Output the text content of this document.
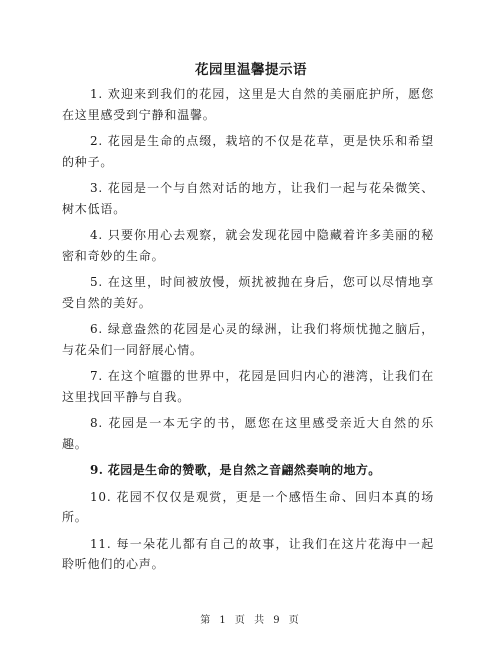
花园里温馨提示语

1. 欢迎来到我们的花园，这里是大自然的美丽庇护所，愿您在这里感受到宁静和温馨。

2. 花园是生命的点缀，栽培的不仅是花草，更是快乐和希望的种子。

3. 花园是一个与自然对话的地方，让我们一起与花朵微笑、树木低语。

4. 只要你用心去观察，就会发现花园中隐藏着许多美丽的秘密和奇妙的生命。

5. 在这里，时间被放慢，烦扰被抛在身后，您可以尽情地享受自然的美好。

6. 绿意盎然的花园是心灵的绿洲，让我们将烦忧抛之脑后，与花朵们一同舒展心情。

7. 在这个喧嚣的世界中，花园是回归内心的港湾，让我们在这里找回平静与自我。

8. 花园是一本无字的书，愿您在这里感受亲近大自然的乐趣。

9. 花园是生命的赞歌，是自然之音翩然奏响的地方。

10. 花园不仅仅是观赏，更是一个感悟生命、回归本真的场所。

11. 每一朵花儿都有自己的故事，让我们在这片花海中一起聆听他们的心声。

第 1 页 共 9 页
